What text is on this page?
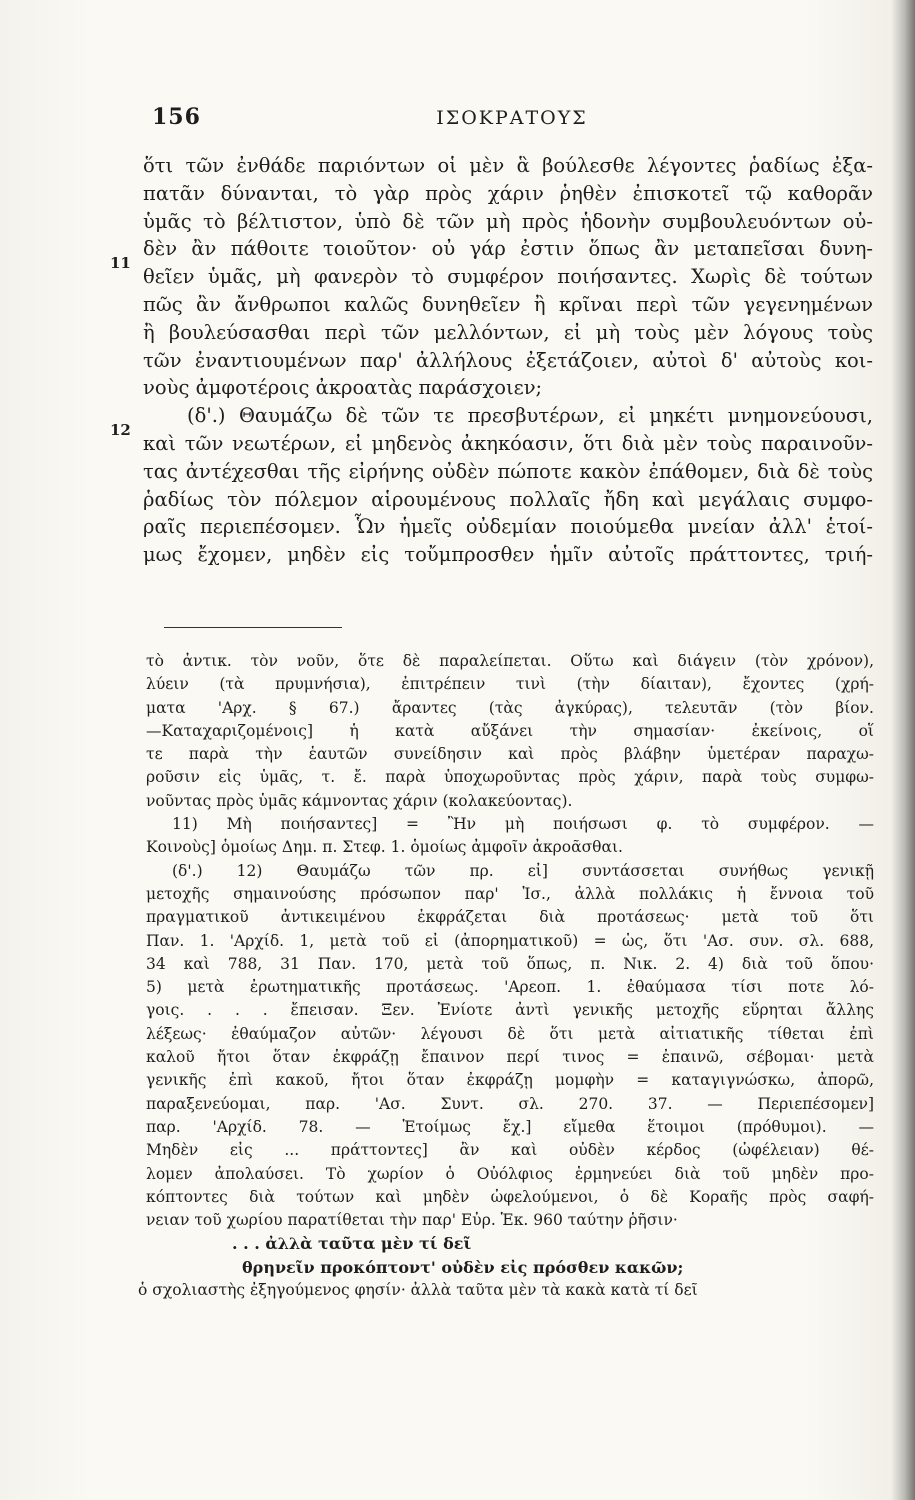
156	ΙΣΟΚΡΑΤΟΥΣ
11
12
ὅτι τῶν ἐνθάδε παριόντων οἱ μὲν ἃ βούλεσθε λέγοντες ῥαδίως ἐξα-
πατᾶν δύνανται, τὸ γὰρ πρὸς χάριν ῥηθὲν ἐπισκοτεῖ τῷ καθορᾶν
ὑμᾶς τὸ βέλτιστον, ὑπὸ δὲ τῶν μὴ πρὸς ἡδονὴν συμβουλευόντων οὐ-
δὲν ἂν πάθοιτε τοιοῦτον· οὐ γάρ ἐστιν ὅπως ἂν μεταπεῖσαι δυνη-
θεῖεν ὑμᾶς, μὴ φανερὸν τὸ συμφέρον ποιήσαντες. Χωρὶς δὲ τούτων
πῶς ἂν ἄνθρωποι καλῶς δυνηθεῖεν ἢ κρῖναι περὶ τῶν γεγενημένων
ἢ βουλεύσασθαι περὶ τῶν μελλόντων, εἰ μὴ τοὺς μὲν λόγους τοὺς
τῶν ἐναντιουμένων παρ' ἀλλήλους ἐξετάζοιεν, αὐτοὶ δ' αὐτοὺς κοι-
νοὺς ἀμφοτέροις ἀκροατὰς παράσχοιεν;
(δ'.) Θαυμάζω δὲ τῶν τε πρεσβυτέρων, εἰ μηκέτι μνημονεύουσι,
καὶ τῶν νεωτέρων, εἰ μηδενὸς ἀκηκόασιν, ὅτι διὰ μὲν τοὺς παραινοῦν-
τας ἀντέχεσθαι τῆς εἰρήνης οὐδὲν πώποτε κακὸν ἐπάθομεν, διὰ δὲ τοὺς
ῥαδίως τὸν πόλεμον αἱρουμένους πολλαῖς ἤδη καὶ μεγάλαις συμφο-
ραῖς περιεπέσομεν. Ὧν ἡμεῖς οὐδεμίαν ποιούμεθα μνείαν ἀλλ' ἑτοί-
μως ἔχομεν, μηδὲν εἰς τοὔμπροσθεν ἡμῖν αὐτοῖς πράττοντες, τριή-
τὸ ἀντικ. τὸν νοῦν, ὅτε δὲ παραλείπεται. Οὕτω καὶ διάγειν (τὸν χρόνον),
λύειν (τὰ πρυμνήσια), ἐπιτρέπειν τινὶ (τὴν δίαιταν), ἔχοντες (χρή-
ματα 'Αρχ. § 67.) ἄραντες (τὰς ἀγκύρας), τελευτᾶν (τὸν βίον.
—Καταχαριζομένοις] ἡ κατὰ αὔξάνει τὴν σημασίαν· ἐκείνοις, οἵ
τε παρὰ τὴν ἑαυτῶν συνείδησιν καὶ πρὸς βλάβην ὑμετέραν παραχω-
ροῦσιν εἰς ὑμᾶς, τ. ἔ. παρὰ ὑποχωροῦντας πρὸς χάριν, παρὰ τοὺς συμφω-
νοῦντας πρὸς ὑμᾶς κάμνοντας χάριν (κολακεύοντας).
11) Μὴ ποιήσαντες] = Ἢν μὴ ποιήσωσι φ. τὸ συμφέρον. —
Κοινοὺς] ὁμοίως Δημ. π. Στεφ. 1. ὁμοίως ἀμφοῖν ἀκροᾶσθαι.
(δ'.) 12) Θαυμάζω τῶν πρ. εἰ] συντάσσεται συνήθως γενικῇ
μετοχῆς σημαινούσης πρόσωπον παρ' Ἰσ., ἀλλὰ πολλάκις ἡ ἔννοια τοῦ
πραγματικοῦ ἀντικειμένου ἐκφράζεται διὰ προτάσεως· μετὰ τοῦ ὅτι
Παν. 1. 'Αρχίδ. 1, μετὰ τοῦ εἰ (ἀπορηματικοῦ) = ὡς, ὅτι 'Ασ. συν. σλ. 688,
34 καὶ 788, 31 Παν. 170, μετὰ τοῦ ὅπως, π. Νικ. 2. 4) διὰ τοῦ ὅπου·
5) μετὰ ἐρωτηματικῆς προτάσεως. 'Αρεοπ. 1. ἐθαύμασα τίσι ποτε λό-
γοις. . . . ἔπεισαν. Ξεν. Ἐνίοτε ἀντὶ γενικῆς μετοχῆς εὕρηται ἄλλης
λέξεως· ἐθαύμαζον αὐτῶν· λέγουσι δὲ ὅτι μετὰ αἰτιατικῆς τίθεται ἐπὶ
καλοῦ ἤτοι ὅταν ἐκφράζῃ ἔπαινον περί τινος = ἐπαινῶ, σέβομαι· μετὰ
γενικῆς ἐπὶ κακοῦ, ἤτοι ὅταν ἐκφράζῃ μομφὴν = καταγιγνώσκω, ἀπορῶ,
παραξενεύομαι, παρ. 'Ασ. Συντ. σλ. 270. 37. — Περιεπέσομεν]
παρ. 'Αρχίδ. 78. — Ἑτοίμως ἔχ.] εἴμεθα ἕτοιμοι (πρόθυμοι). —
Μηδὲν εἰς ... πράττοντες] ἂν καὶ οὐδὲν κέρδος (ὠφέλειαν) θέ-
λομεν ἀπολαύσει. Τὸ χωρίον ὁ Οὐόλφιος ἑρμηνεύει διὰ τοῦ μηδὲν προ-
κόπτοντες διὰ τούτων καὶ μηδὲν ὠφελούμενοι, ὁ δὲ Κοραῆς πρὸς σαφή-
νειαν τοῦ χωρίου παρατίθεται τὴν παρ' Εὐρ. Ἑκ. 960 ταύτην ῥῆσιν·
. . . ἀλλὰ ταῦτα μὲν τί δεῖ
θρηνεῖν προκόπτοντ' οὐδὲν εἰς πρόσθεν κακῶν;
ὁ σχολιαστὴς ἐξηγούμενος φησίν· ἀλλὰ ταῦτα μὲν τὰ κακὰ κατὰ τί δεῖ
